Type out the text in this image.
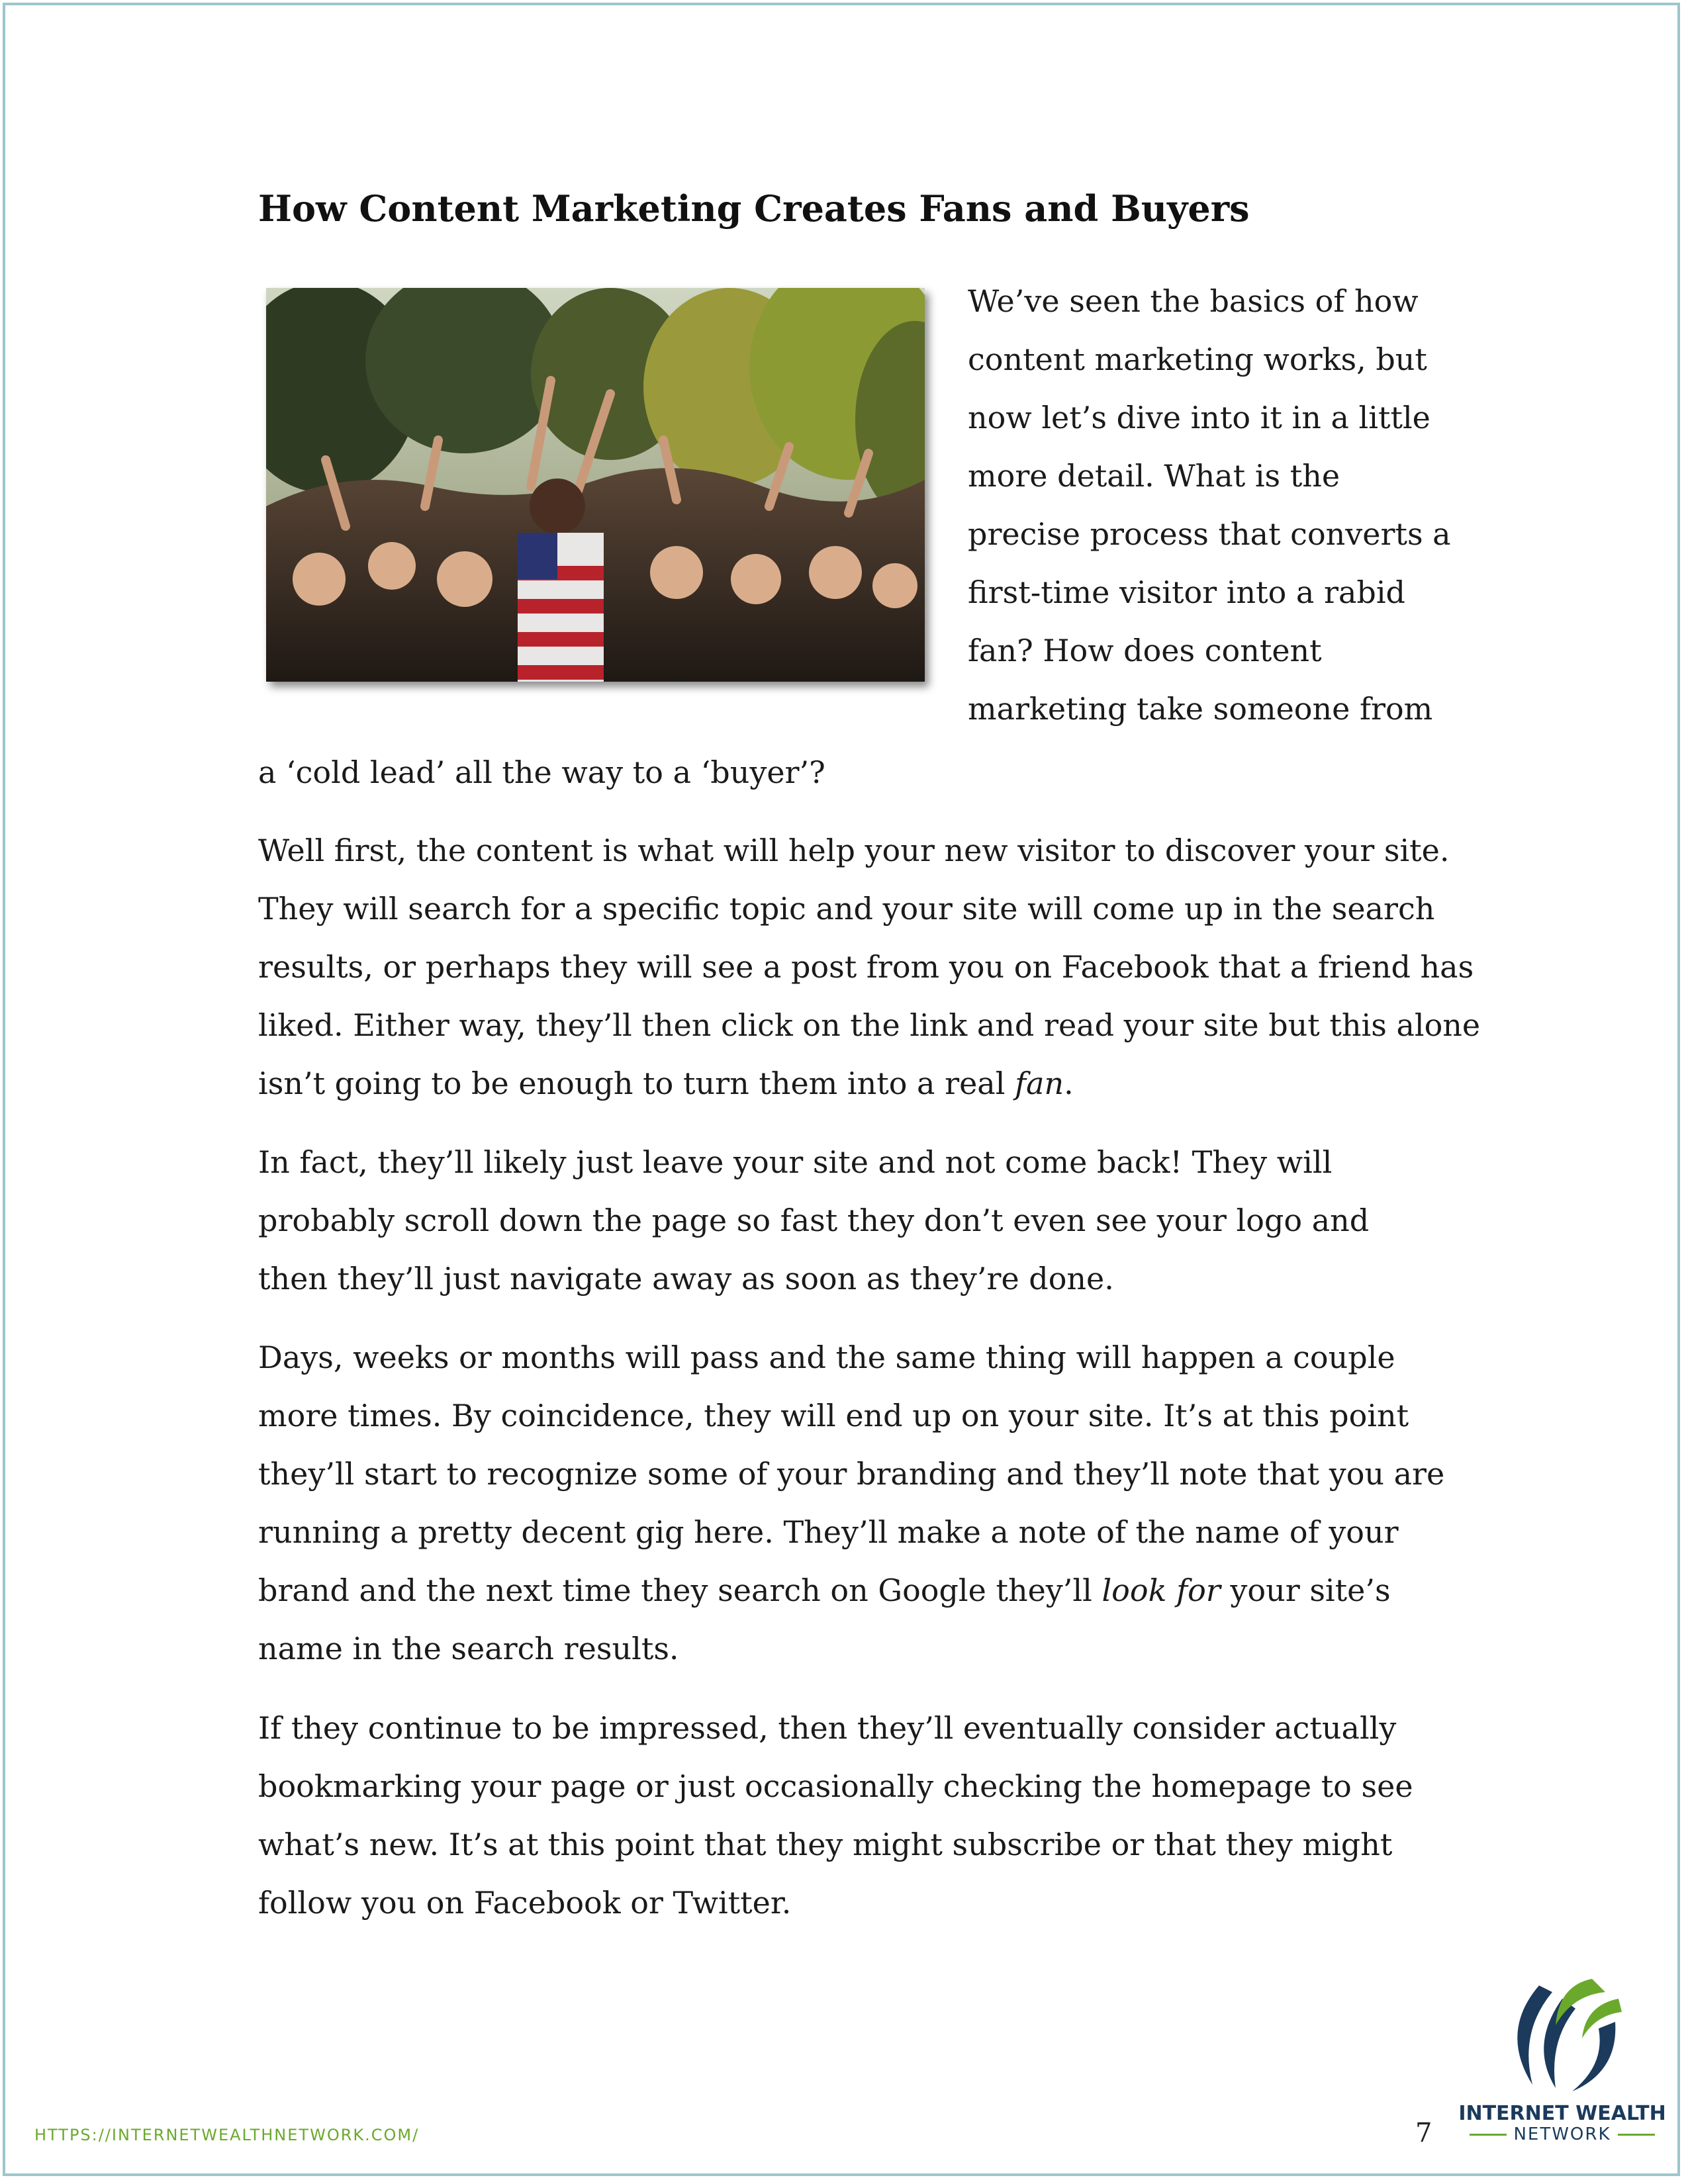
How Content Marketing Creates Fans and Buyers

We’ve seen the basics of how

content marketing works, but

now let’s dive into it in a little

more detail. What is the

precise process that converts a

first-time visitor into a rabid

fan? How does content

marketing take someone from

a ‘cold lead’ all the way to a ‘buyer’?

Well first, the content is what will help your new visitor to discover your site.

They will search for a specific topic and your site will come up in the search

results, or perhaps they will see a post from you on Facebook that a friend has

liked. Either way, they’ll then click on the link and read your site but this alone

isn’t going to be enough to turn them into a real fan.

In fact, they’ll likely just leave your site and not come back! They will

probably scroll down the page so fast they don’t even see your logo and

then they’ll just navigate away as soon as they’re done.

Days, weeks or months will pass and the same thing will happen a couple

more times. By coincidence, they will end up on your site. It’s at this point

they’ll start to recognize some of your branding and they’ll note that you are

running a pretty decent gig here. They’ll make a note of the name of your

brand and the next time they search on Google they’ll look for your site’s

name in the search results.

If they continue to be impressed, then they’ll eventually consider actually

bookmarking your page or just occasionally checking the homepage to see

what’s new. It’s at this point that they might subscribe or that they might

follow you on Facebook or Twitter.

HTTPS://INTERNETWEALTHNETWORK.COM/	7
INTERNET WEALTH
NETWORK
